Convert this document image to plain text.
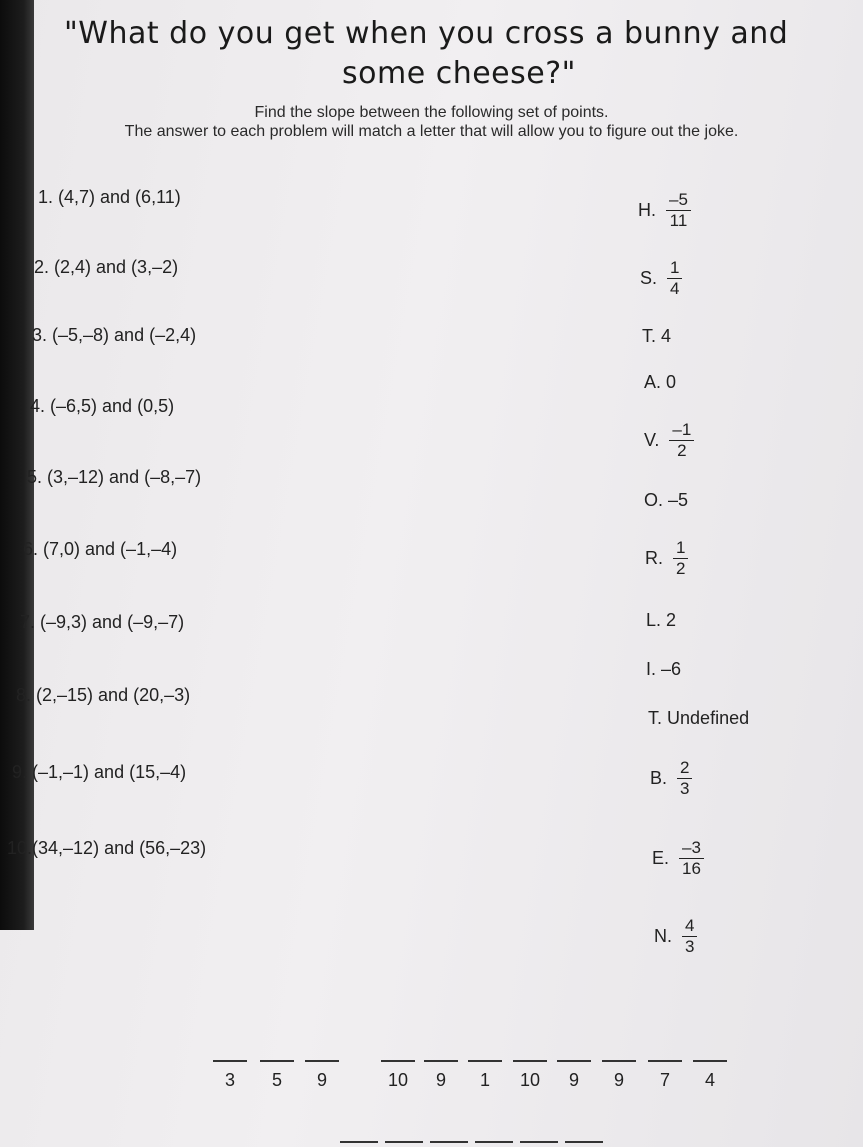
"What do you get when you cross a bunny and
some cheese?"
Find the slope between the following set of points.
The answer to each problem will match a letter that will allow you to figure out the joke.
1. (4,7) and (6,11)
2. (2,4) and (3,–2)
3. (–5,–8) and (–2,4)
4. (–6,5) and (0,5)
5. (3,–12) and (–8,–7)
6. (7,0) and (–1,–4)
7. (–9,3) and (–9,–7)
8. (2,–15) and (20,–3)
9. (–1,–1) and (15,–4)
10.(34,–12) and (56,–23)
H. $\frac{-5}{11}$
S. $\frac{1}{4}$
T.
4
A.
0
V. $\frac{-1}{2}$
O.
–5
R. $\frac{1}{2}$
L.
2
I.
–6
T.
Undefined
B. $\frac{2}{3}$
E. $\frac{-3}{16}$
N. $\frac{4}{3}$
3	5	9	10	9	1	10	9	9	7	4
